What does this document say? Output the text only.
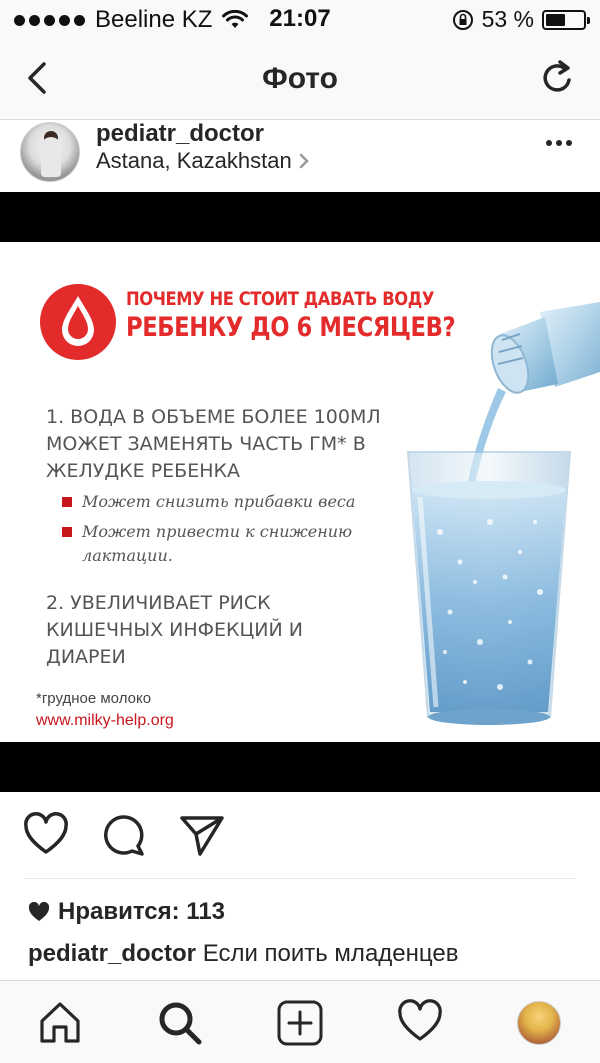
Beeline KZ	21:07	53 %
Фото
pediatr_doctor
Astana, Kazakhstan
ПОЧЕМУ НЕ СТОИТ ДАВАТЬ ВОДУ
РЕБЕНКУ ДО 6 МЕСЯЦЕВ?
1. ВОДА В ОБЪЕМЕ БОЛЕЕ 100МЛ МОЖЕТ ЗАМЕНЯТЬ ЧАСТЬ ГМ* В ЖЕЛУДКЕ РЕБЕНКА
Может снизить прибавки веса
Может привести к снижению лактации.
2. УВЕЛИЧИВАЕТ РИСК КИШЕЧНЫХ ИНФЕКЦИЙ И ДИАРЕИ
*грудное молоко
www.milky-help.org
Нравится: 113
pediatr_doctor Если поить младенцев
